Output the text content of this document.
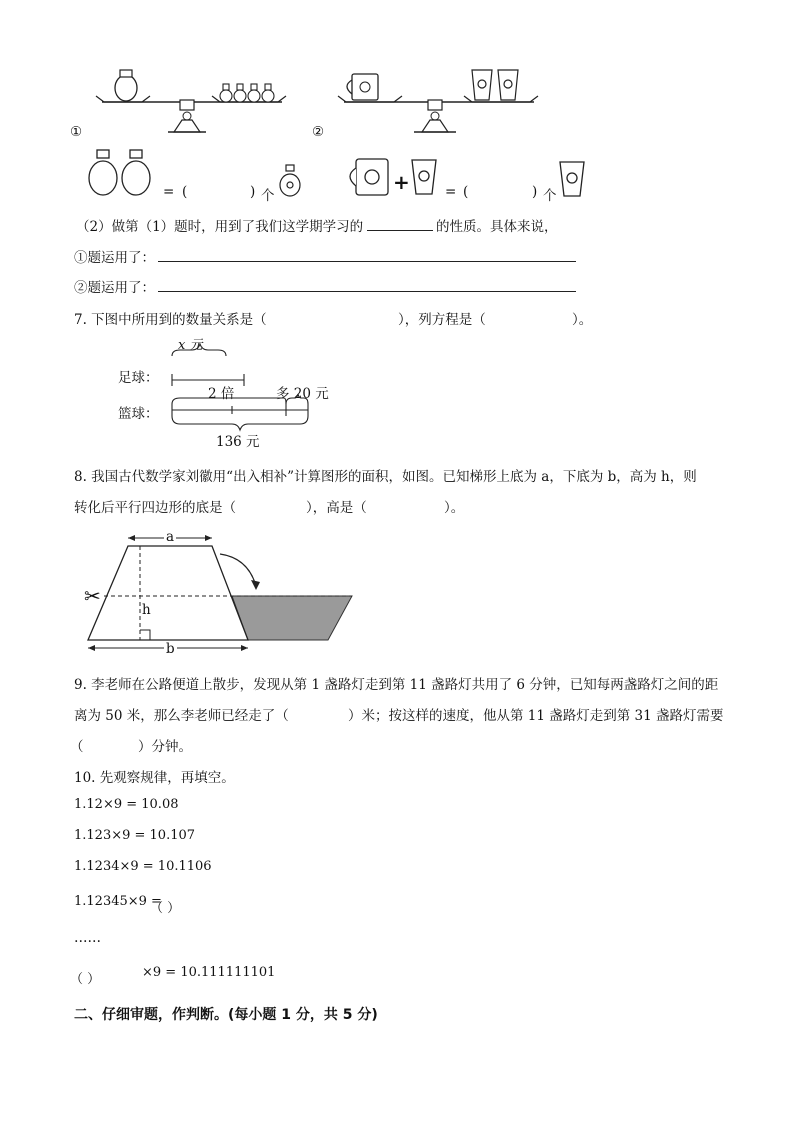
①	②
= (	) 个
+	= (	) 个
（2）做第（1）题时，用到了我们这学期学习的	的性质。具体来说，
①题运用了：
②题运用了：
7. 下图中所用到的数量关系是（	），列方程是（	）。
x 元
足球：
篮球：
2 倍	多 20 元
136 元
8. 我国古代数学家刘徽用“出入相补”计算图形的面积，如图。已知梯形上底为 a，下底为 b，高为 h，则
转化后平行四边形的底是（	），高是（	）。
a
h
b
✂
9. 李老师在公路便道上散步，发现从第 1 盏路灯走到第 11 盏路灯共用了 6 分钟，已知每两盏路灯之间的距
离为 50 米，那么李老师已经走了（	）米；按这样的速度，他从第 11 盏路灯走到第 31 盏路灯需要
（	）分钟。
10. 先观察规律，再填空。
1.12×9 = 10.08
1.123×9 = 10.107
1.1234×9 = 10.1106
1.12345×9 =
（ ）
……
（ ）	×9 = 10.111111101
二、仔细审题，作判断。(每小题 1 分，共 5 分)
